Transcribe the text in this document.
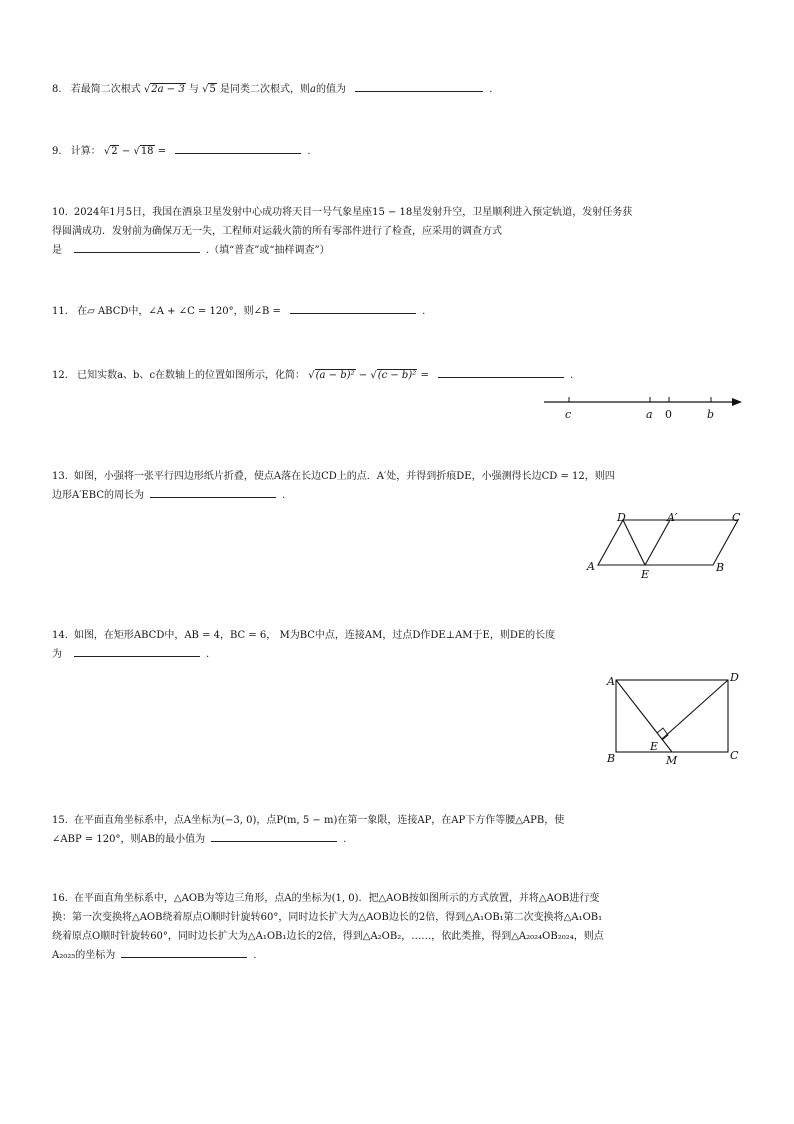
8. 若最简二次根式 √2a − 3 与 √5 是同类二次根式，则a的值为	.
9. 计算： √2 − √18 =	.
10. 2024年1月5日，我国在酒泉卫星发射中心成功将天目一号气象星座15 − 18星发射升空，卫星顺利进入预定轨道，发射任务获
得圆满成功．发射前为确保万无一失，工程师对运载火箭的所有零部件进行了检查，应采用的调查方式
是	.（填“普查”或“抽样调查”）
11. 在▱ ABCD中，∠A + ∠C = 120°，则∠B =	.
12. 已知实数a、b、c在数轴上的位置如图所示，化简： √(a − b)² − √(c − b)² =	.
c	a 0	b
13. 如图，小强将一张平行四边形纸片折叠，使点A落在长边CD上的点．A′处，并得到折痕DE，小强测得长边CD = 12，则四
边形A′EBC的周长为	.
D	A′	C
A
E
B
14. 如图，在矩形ABCD中，AB = 4，BC = 6， M为BC中点，连接AM，过点D作DE⊥AM于E，则DE的长度
为	.
A	D
E
B	M	C
15. 在平面直角坐标系中，点A坐标为(−3, 0)，点P(m, 5 − m)在第一象限，连接AP，在AP下方作等腰△APB，使
∠ABP = 120°，则AB的最小值为	.
16. 在平面直角坐标系中，△AOB为等边三角形，点A的坐标为(1, 0)．把△AOB按如图所示的方式放置，并将△AOB进行变
换：第一次变换将△AOB绕着原点O顺时针旋转60°，同时边长扩大为△AOB边长的2倍，得到△A₁OB₁第二次变换将△A₁OB₁
绕着原点O顺时针旋转60°，同时边长扩大为△A₁OB₁边长的2倍，得到△A₂OB₂，……，依此类推，得到△A₂₀₂₄OB₂₀₂₄，则点
A₂₀₂₅的坐标为	.
